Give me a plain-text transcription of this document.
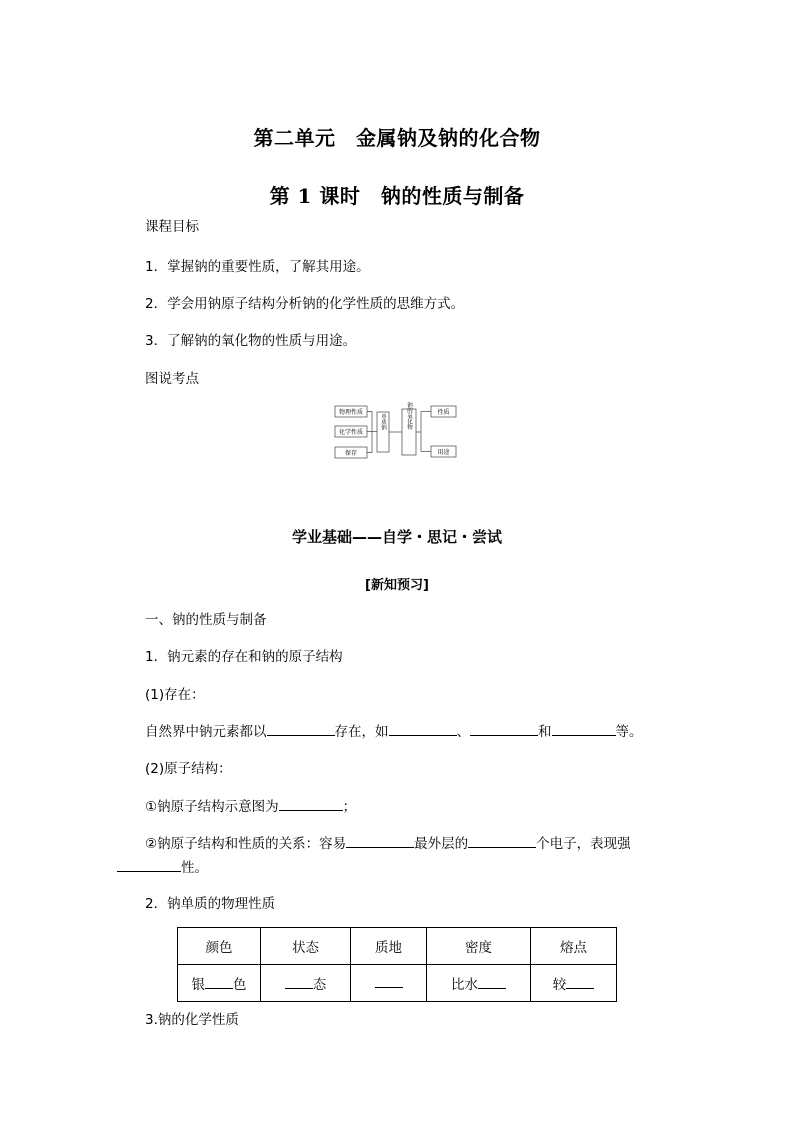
第二单元　金属钠及钠的化合物
第 1 课时　钠的性质与制备
课程目标
1．掌握钠的重要性质，了解其用途。
2．学会用钠原子结构分析钠的化学性质的思维方式。
3．了解钠的氧化物的性质与用途。
图说考点
物理性质
化学性质
保存
性质
用途
单质钠	钠的氧化物
学业基础——自学・思记・尝试
[新知预习]
一、钠的性质与制备
1．钠元素的存在和钠的原子结构
(1)存在：
自然界中钠元素都以	存在，如	、	和	等。
(2)原子结构：
①钠原子结构示意图为	；
②钠原子结构和性质的关系：容易	最外层的	个电子，表现强
性。
2．钠单质的物理性质
颜色	状态	质地	密度	熔点
银 色	态		比水	较
3.钠的化学性质
